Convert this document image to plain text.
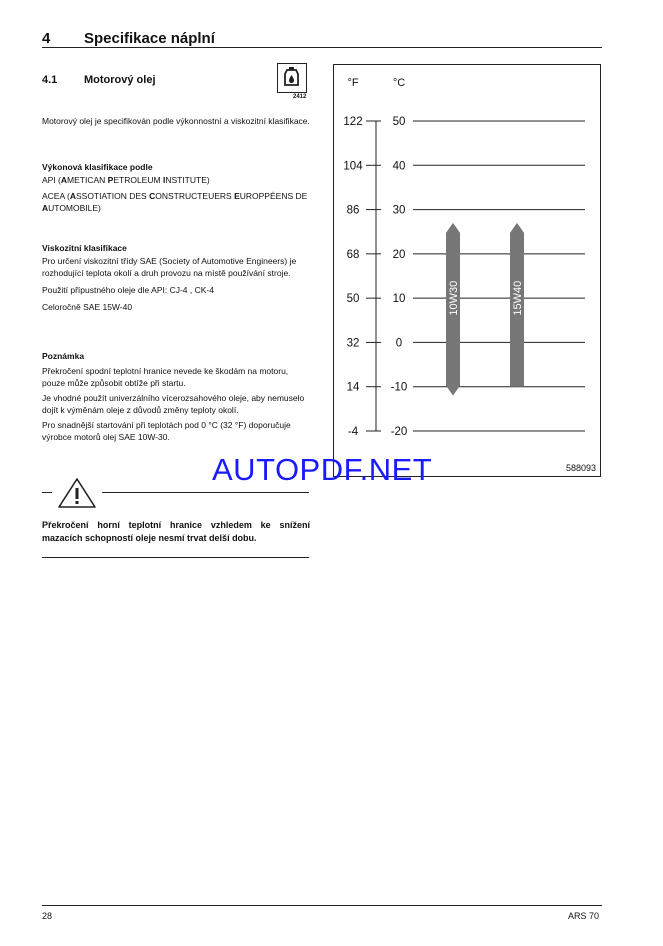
4 Specifikace náplní
4.1 Motorový olej
2412
Motorový olej je specifikován podle výkonnostní a viskozitní klasifikace.

Výkonová klasifikace podle

API (AMETICAN PETROLEUM INSTITUTE)

ACEA (ASSOTIATION DES CONSTRUCTEUERS EUROPPÉENS DE AUTOMOBILE)

Viskozitní klasifikace

Pro určení viskozitní třídy SAE (Society of Automotive Engineers) je rozhodující teplota okolí a druh provozu na místě používání stroje.

Použití přípustného oleje dle API: CJ-4 , CK-4

Celoročně SAE 15W-40

Poznámka

Překročení spodní teplotní hranice nevede ke škodám na motoru, pouze může způsobit obtíže při startu.

Je vhodné použít univerzálního vícerozsahového oleje, aby nemuselo dojít k výměnám oleje z důvodů změny teploty okolí.

Pro snadnější startování při teplotách pod 0 °C (32 °F) doporučuje výrobce motorů olej SAE 10W-30.

Překročení horní teplotní hranice vzhledem ke snížení mazacích schopností oleje nesmí trvat delší dobu.
°F	°C
122	50
104	40
86	30
68	20
50	10
32	0
14	-10
-4	-20
10W30	15W40
588093
AUTOPDF.NET
28	ARS 70
